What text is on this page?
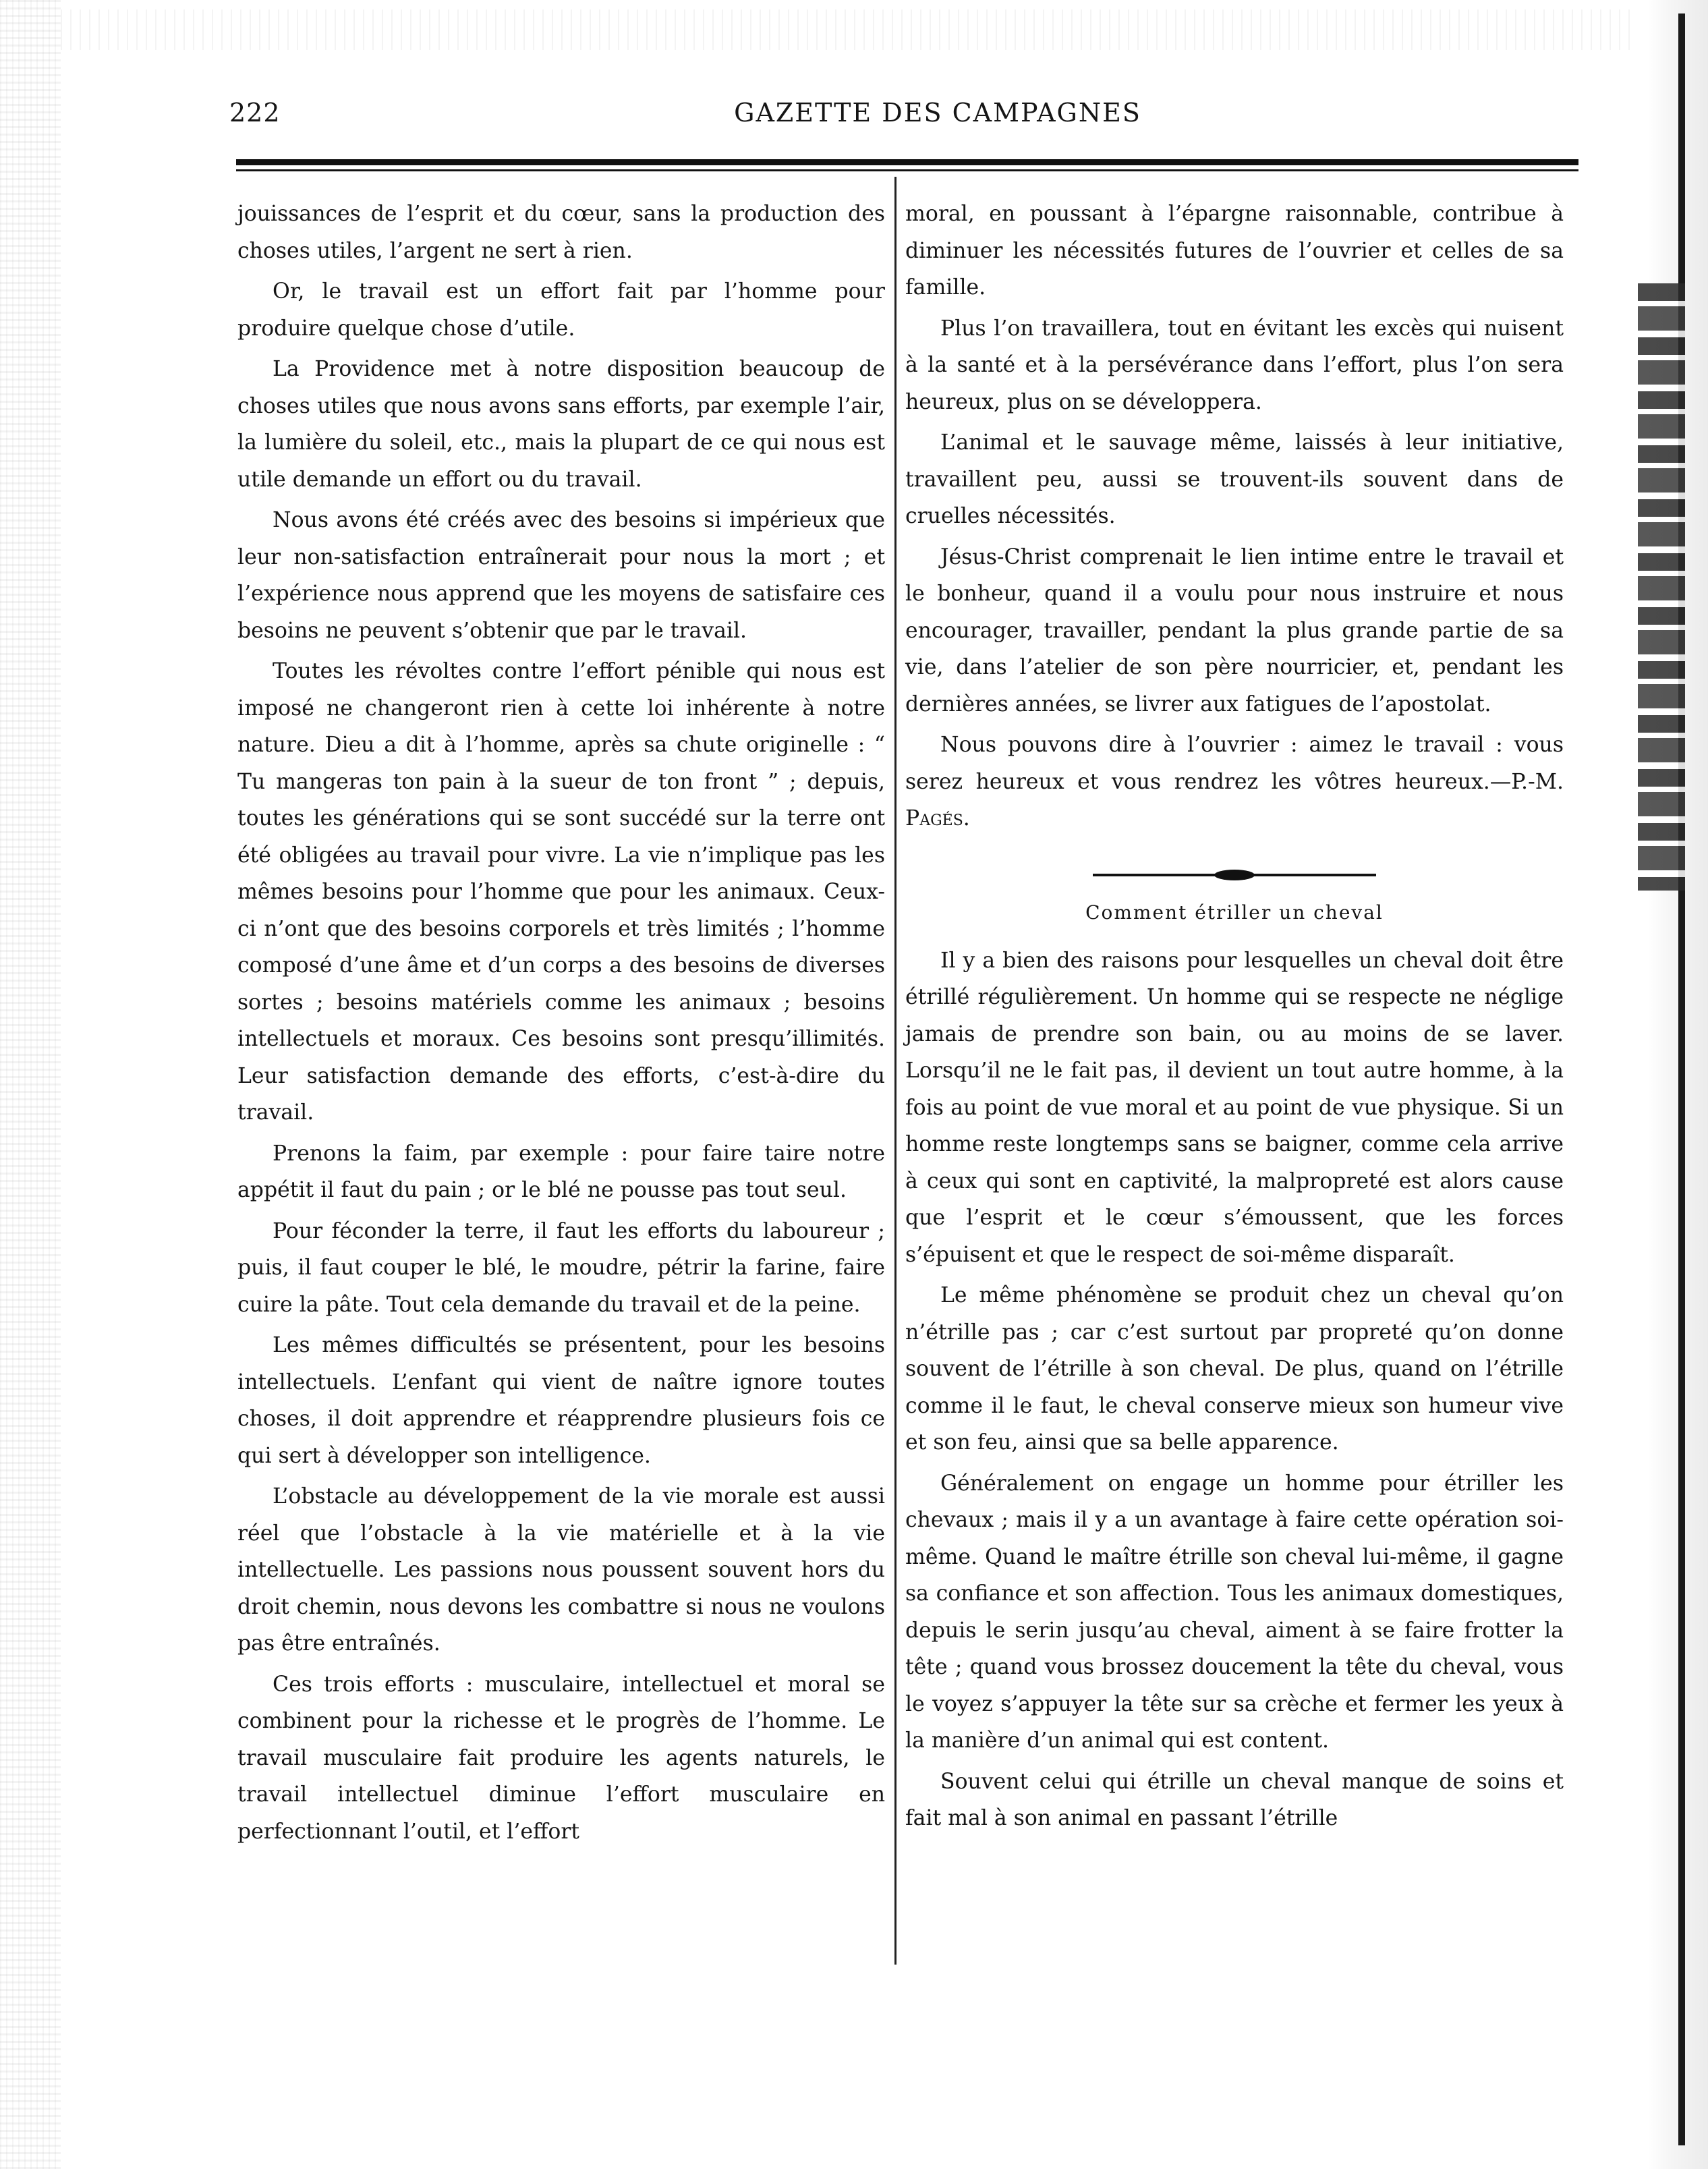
222	GAZETTE DES CAMPAGNES

jouissances de l’esprit et du cœur, sans la production des choses utiles, l’argent ne sert à rien.

Or, le travail est un effort fait par l’homme pour produire quelque chose d’utile.

La Providence met à notre disposition beaucoup de choses utiles que nous avons sans efforts, par exemple l’air, la lumière du soleil, etc., mais la plupart de ce qui nous est utile demande un effort ou du travail.

Nous avons été créés avec des besoins si impérieux que leur non-satisfaction entraînerait pour nous la mort ; et l’expérience nous apprend que les moyens de satisfaire ces besoins ne peuvent s’obtenir que par le travail.

Toutes les révoltes contre l’effort pénible qui nous est imposé ne changeront rien à cette loi inhérente à notre nature. Dieu a dit à l’homme, après sa chute originelle : “ Tu mangeras ton pain à la sueur de ton front ” ; depuis, toutes les générations qui se sont succédé sur la terre ont été obligées au travail pour vivre. La vie n’implique pas les mêmes besoins pour l’homme que pour les animaux. Ceux-ci n’ont que des besoins corporels et très limités ; l’homme composé d’une âme et d’un corps a des besoins de diverses sortes ; besoins matériels comme les animaux ; besoins intellectuels et moraux. Ces besoins sont presqu’illimités. Leur satisfaction demande des efforts, c’est-à-dire du travail.

Prenons la faim, par exemple : pour faire taire notre appétit il faut du pain ; or le blé ne pousse pas tout seul.

Pour féconder la terre, il faut les efforts du laboureur ; puis, il faut couper le blé, le moudre, pétrir la farine, faire cuire la pâte. Tout cela demande du travail et de la peine.

Les mêmes difficultés se présentent, pour les besoins intellectuels. L’enfant qui vient de naître ignore toutes choses, il doit apprendre et réapprendre plusieurs fois ce qui sert à développer son intelligence.

L’obstacle au développement de la vie morale est aussi réel que l’obstacle à la vie matérielle et à la vie intellectuelle. Les passions nous poussent souvent hors du droit chemin, nous devons les combattre si nous ne voulons pas être entraînés.

Ces trois efforts : musculaire, intellectuel et moral se combinent pour la richesse et le progrès de l’homme. Le travail musculaire fait produire les agents naturels, le travail intellectuel diminue l’effort musculaire en perfectionnant l’outil, et l’effort

moral, en poussant à l’épargne raisonnable, contribue à diminuer les nécessités futures de l’ouvrier et celles de sa famille.

Plus l’on travaillera, tout en évitant les excès qui nuisent à la santé et à la persévérance dans l’effort, plus l’on sera heureux, plus on se développera.

L’animal et le sauvage même, laissés à leur initiative, travaillent peu, aussi se trouvent-ils souvent dans de cruelles nécessités.

Jésus-Christ comprenait le lien intime entre le travail et le bonheur, quand il a voulu pour nous instruire et nous encourager, travailler, pendant la plus grande partie de sa vie, dans l’atelier de son père nourricier, et, pendant les dernières années, se livrer aux fatigues de l’apostolat.

Nous pouvons dire à l’ouvrier : aimez le travail : vous serez heureux et vous rendrez les vôtres heureux.—P.-M. Pagés.

Comment étriller un cheval

Il y a bien des raisons pour lesquelles un cheval doit être étrillé régulièrement. Un homme qui se respecte ne néglige jamais de prendre son bain, ou au moins de se laver. Lorsqu’il ne le fait pas, il devient un tout autre homme, à la fois au point de vue moral et au point de vue physique. Si un homme reste longtemps sans se baigner, comme cela arrive à ceux qui sont en captivité, la malpropreté est alors cause que l’esprit et le cœur s’émoussent, que les forces s’épuisent et que le respect de soi-même disparaît.

Le même phénomène se produit chez un cheval qu’on n’étrille pas ; car c’est surtout par propreté qu’on donne souvent de l’étrille à son cheval. De plus, quand on l’étrille comme il le faut, le cheval conserve mieux son humeur vive et son feu, ainsi que sa belle apparence.

Généralement on engage un homme pour étriller les chevaux ; mais il y a un avantage à faire cette opération soi-même. Quand le maître étrille son cheval lui-même, il gagne sa confiance et son affection. Tous les animaux domestiques, depuis le serin jusqu’au cheval, aiment à se faire frotter la tête ; quand vous brossez doucement la tête du cheval, vous le voyez s’appuyer la tête sur sa crèche et fermer les yeux à la manière d’un animal qui est content.

Souvent celui qui étrille un cheval manque de soins et fait mal à son animal en passant l’étrille
